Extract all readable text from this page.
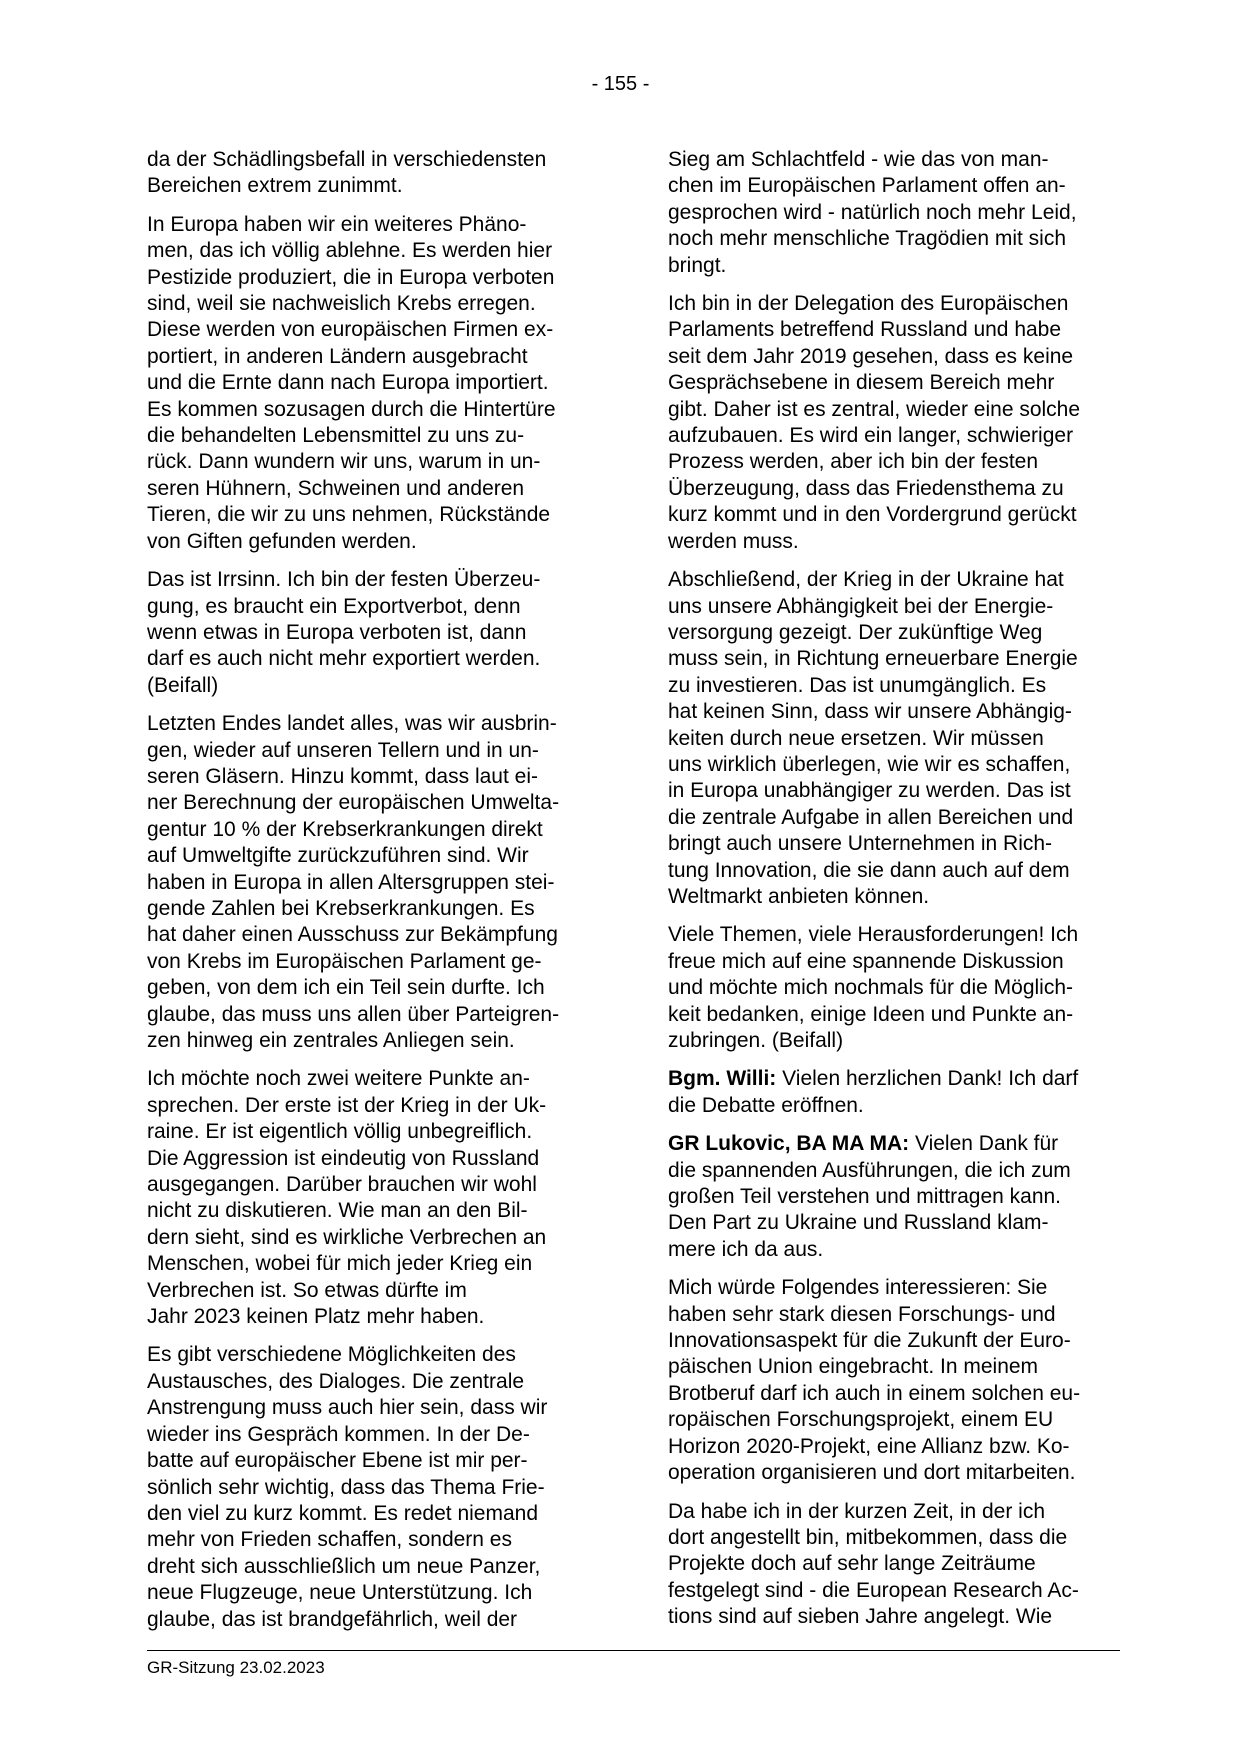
- 155 -

da der Schädlingsbefall in verschiedensten
Bereichen extrem zunimmt.

In Europa haben wir ein weiteres Phäno-
men, das ich völlig ablehne. Es werden hier
Pestizide produziert, die in Europa verboten
sind, weil sie nachweislich Krebs erregen.
Diese werden von europäischen Firmen ex-
portiert, in anderen Ländern ausgebracht
und die Ernte dann nach Europa importiert.
Es kommen sozusagen durch die Hintertüre
die behandelten Lebensmittel zu uns zu-
rück. Dann wundern wir uns, warum in un-
seren Hühnern, Schweinen und anderen
Tieren, die wir zu uns nehmen, Rückstände
von Giften gefunden werden.

Das ist Irrsinn. Ich bin der festen Überzeu-
gung, es braucht ein Exportverbot, denn
wenn etwas in Europa verboten ist, dann
darf es auch nicht mehr exportiert werden.
(Beifall)

Letzten Endes landet alles, was wir ausbrin-
gen, wieder auf unseren Tellern und in un-
seren Gläsern. Hinzu kommt, dass laut ei-
ner Berechnung der europäischen Umwelta-
gentur 10 % der Krebserkrankungen direkt
auf Umweltgifte zurückzuführen sind. Wir
haben in Europa in allen Altersgruppen stei-
gende Zahlen bei Krebserkrankungen. Es
hat daher einen Ausschuss zur Bekämpfung
von Krebs im Europäischen Parlament ge-
geben, von dem ich ein Teil sein durfte. Ich
glaube, das muss uns allen über Parteigren-
zen hinweg ein zentrales Anliegen sein.

Ich möchte noch zwei weitere Punkte an-
sprechen. Der erste ist der Krieg in der Uk-
raine. Er ist eigentlich völlig unbegreiflich.
Die Aggression ist eindeutig von Russland
ausgegangen. Darüber brauchen wir wohl
nicht zu diskutieren. Wie man an den Bil-
dern sieht, sind es wirkliche Verbrechen an
Menschen, wobei für mich jeder Krieg ein
Verbrechen ist. So etwas dürfte im
Jahr 2023 keinen Platz mehr haben.

Es gibt verschiedene Möglichkeiten des
Austausches, des Dialoges. Die zentrale
Anstrengung muss auch hier sein, dass wir
wieder ins Gespräch kommen. In der De-
batte auf europäischer Ebene ist mir per-
sönlich sehr wichtig, dass das Thema Frie-
den viel zu kurz kommt. Es redet niemand
mehr von Frieden schaffen, sondern es
dreht sich ausschließlich um neue Panzer,
neue Flugzeuge, neue Unterstützung. Ich
glaube, das ist brandgefährlich, weil der

Sieg am Schlachtfeld - wie das von man-
chen im Europäischen Parlament offen an-
gesprochen wird - natürlich noch mehr Leid,
noch mehr menschliche Tragödien mit sich
bringt.

Ich bin in der Delegation des Europäischen
Parlaments betreffend Russland und habe
seit dem Jahr 2019 gesehen, dass es keine
Gesprächsebene in diesem Bereich mehr
gibt. Daher ist es zentral, wieder eine solche
aufzubauen. Es wird ein langer, schwieriger
Prozess werden, aber ich bin der festen
Überzeugung, dass das Friedensthema zu
kurz kommt und in den Vordergrund gerückt
werden muss.

Abschließend, der Krieg in der Ukraine hat
uns unsere Abhängigkeit bei der Energie-
versorgung gezeigt. Der zukünftige Weg
muss sein, in Richtung erneuerbare Energie
zu investieren. Das ist unumgänglich. Es
hat keinen Sinn, dass wir unsere Abhängig-
keiten durch neue ersetzen. Wir müssen
uns wirklich überlegen, wie wir es schaffen,
in Europa unabhängiger zu werden. Das ist
die zentrale Aufgabe in allen Bereichen und
bringt auch unsere Unternehmen in Rich-
tung Innovation, die sie dann auch auf dem
Weltmarkt anbieten können.

Viele Themen, viele Herausforderungen! Ich
freue mich auf eine spannende Diskussion
und möchte mich nochmals für die Möglich-
keit bedanken, einige Ideen und Punkte an-
zubringen. (Beifall)

Bgm. Willi: Vielen herzlichen Dank! Ich darf
die Debatte eröffnen.

GR Lukovic, BA MA MA: Vielen Dank für
die spannenden Ausführungen, die ich zum
großen Teil verstehen und mittragen kann.
Den Part zu Ukraine und Russland klam-
mere ich da aus.

Mich würde Folgendes interessieren: Sie
haben sehr stark diesen Forschungs- und
Innovationsaspekt für die Zukunft der Euro-
päischen Union eingebracht. In meinem
Brotberuf darf ich auch in einem solchen eu-
ropäischen Forschungsprojekt, einem EU
Horizon 2020-Projekt, eine Allianz bzw. Ko-
operation organisieren und dort mitarbeiten.

Da habe ich in der kurzen Zeit, in der ich
dort angestellt bin, mitbekommen, dass die
Projekte doch auf sehr lange Zeiträume
festgelegt sind - die European Research Ac-
tions sind auf sieben Jahre angelegt. Wie

GR-Sitzung 23.02.2023
